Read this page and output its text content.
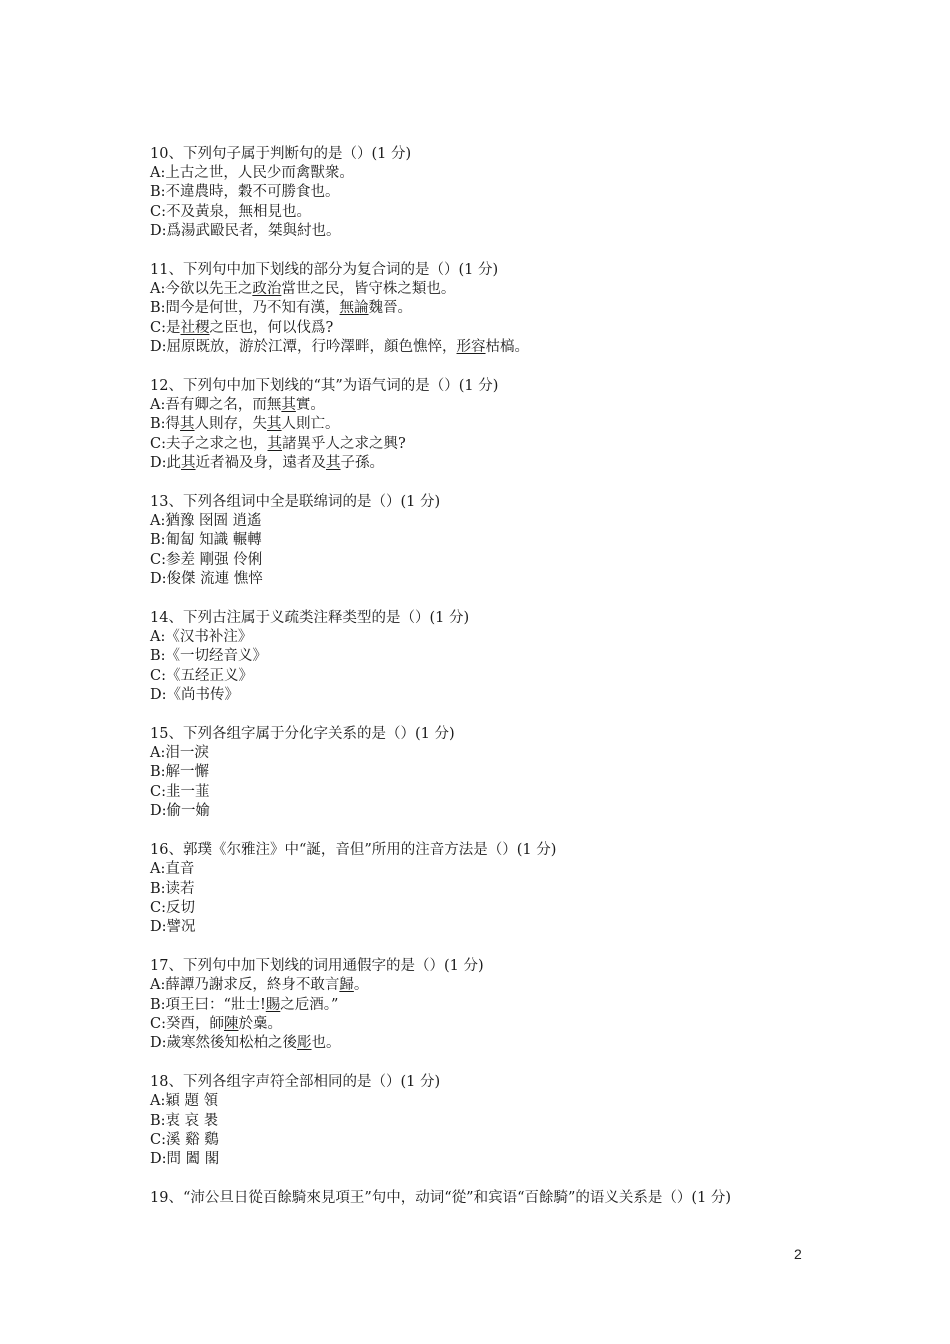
10、下列句子属于判断句的是（）(1 分)
A:上古之世，人民少而禽獸衆。
B:不違農時，穀不可勝食也。
C:不及黃泉，無相見也。
D:爲湯武毆民者，桀與紂也。
11、下列句中加下划线的部分为复合词的是（）(1 分)
A:今欲以先王之政治當世之民，皆守株之類也。
B:問今是何世，乃不知有漢，無論魏晉。
C:是社稷之臣也，何以伐爲?
D:屈原既放，游於江潭，行吟澤畔，顔色憔悴，形容枯槁。
12、下列句中加下划线的“其”为语气词的是（）(1 分)
A:吾有卿之名，而無其實。
B:得其人則存，失其人則亡。
C:夫子之求之也，其諸異乎人之求之興?
D:此其近者禍及身，遠者及其子孫。
13、下列各组词中全是联绵词的是（）(1 分)
A:猶豫 囹圄 逍遙
B:匍匐 知識 輾轉
C:参差 剛强 伶俐
D:俊傑 流連 憔悴
14、下列古注属于义疏类注释类型的是（）(1 分)
A:《汉书补注》
B:《一切经音义》
C:《五经正义》
D:《尚书传》
15、下列各组字属于分化字关系的是（）(1 分)
A:泪一淚
B:解一懈
C:韭一韮
D:偷一媮
16、郭璞《尔雅注》中“誕，音但”所用的注音方法是（）(1 分)
A:直音
B:读若
C:反切
D:譬况
17、下列句中加下划线的词用通假字的是（）(1 分)
A:薛譚乃謝求反，終身不敢言歸。
B:項王曰：“壯士!賜之卮酒。”
C:癸酉，師陳於稾。
D:歲寒然後知松柏之後彫也。
18、下列各组字声符全部相同的是（）(1 分)
A:穎 題 領
B:衷 哀 褁
C:溪 谿 鷄
D:問 闔 閣
19、“沛公旦日從百餘騎來見項王”句中，动词“從”和宾语“百餘騎”的语义关系是（）(1 分)
2
